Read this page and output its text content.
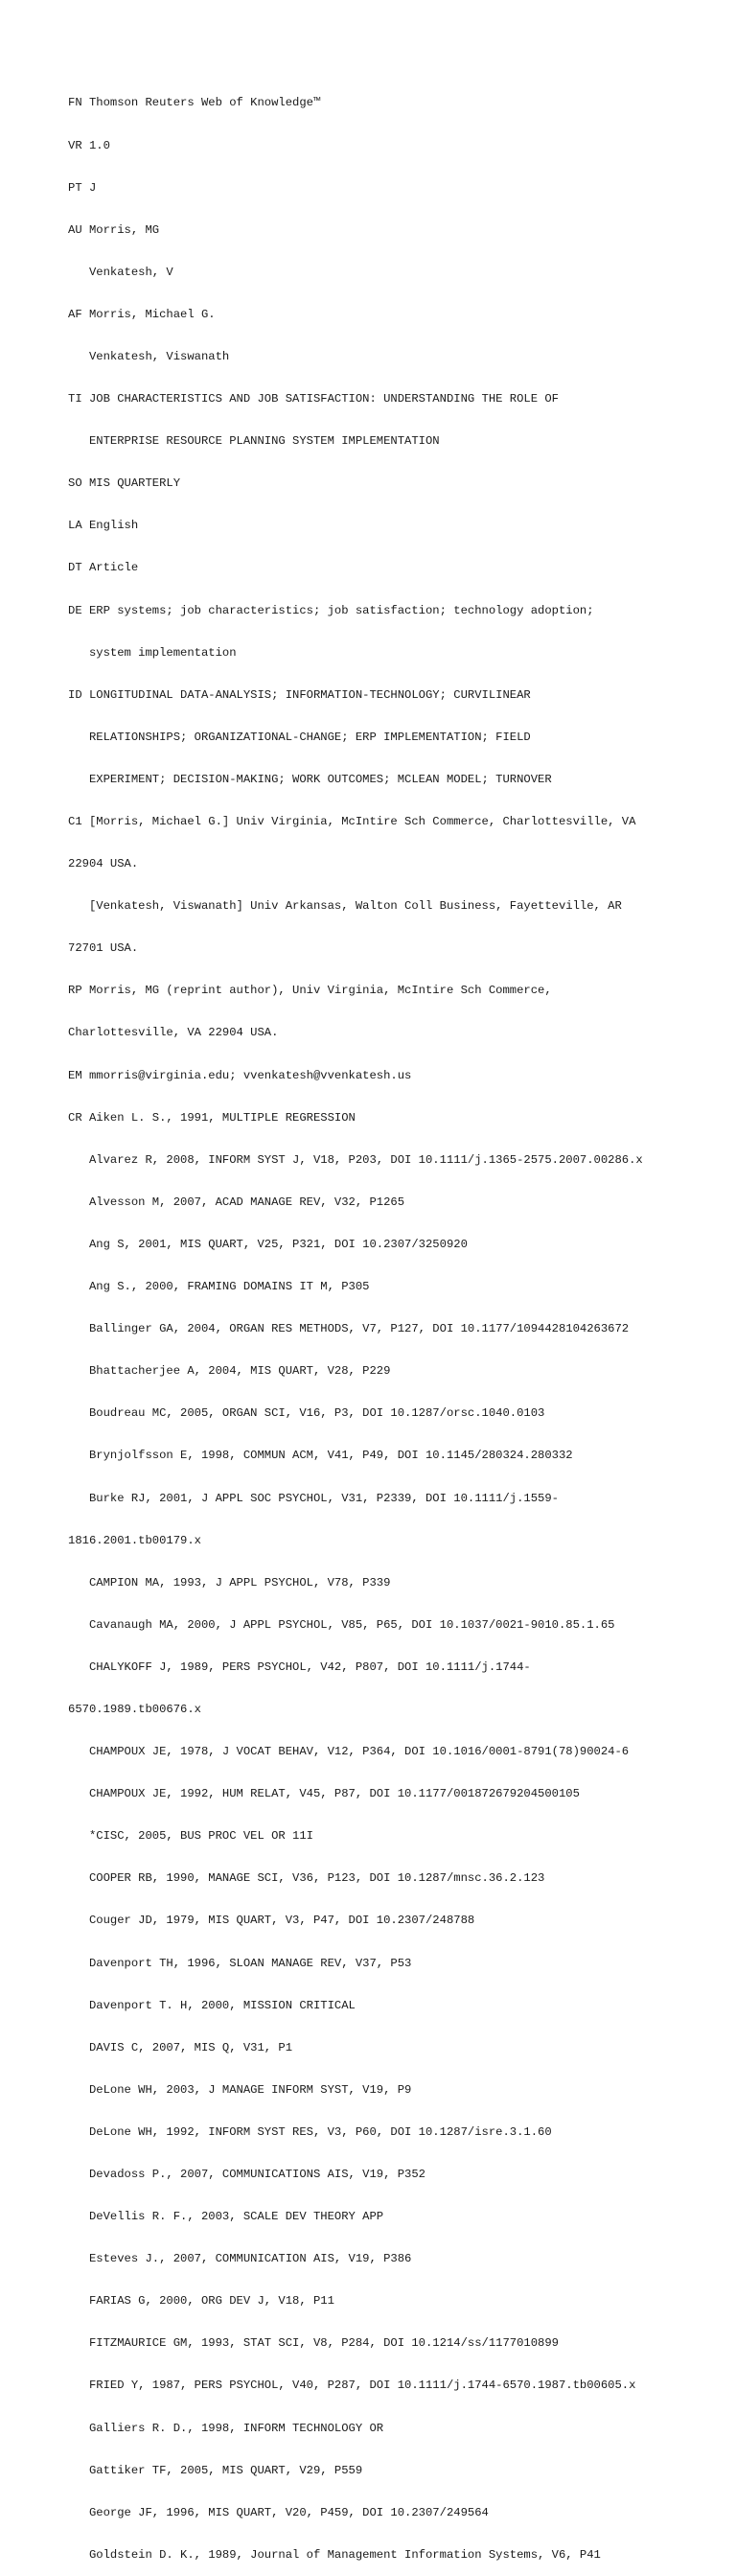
FN Thomson Reuters Web of Knowledge™

VR 1.0

PT J

AU Morris, MG

Venkatesh, V

AF Morris, Michael G.

Venkatesh, Viswanath

TI JOB CHARACTERISTICS AND JOB SATISFACTION: UNDERSTANDING THE ROLE OF

ENTERPRISE RESOURCE PLANNING SYSTEM IMPLEMENTATION

SO MIS QUARTERLY

LA English

DT Article

DE ERP systems; job characteristics; job satisfaction; technology adoption;

system implementation

ID LONGITUDINAL DATA-ANALYSIS; INFORMATION-TECHNOLOGY; CURVILINEAR

RELATIONSHIPS; ORGANIZATIONAL-CHANGE; ERP IMPLEMENTATION; FIELD

EXPERIMENT; DECISION-MAKING; WORK OUTCOMES; MCLEAN MODEL; TURNOVER

C1 [Morris, Michael G.] Univ Virginia, McIntire Sch Commerce, Charlottesville, VA

22904 USA.

[Venkatesh, Viswanath] Univ Arkansas, Walton Coll Business, Fayetteville, AR

72701 USA.

RP Morris, MG (reprint author), Univ Virginia, McIntire Sch Commerce,

Charlottesville, VA 22904 USA.

EM mmorris@virginia.edu; vvenkatesh@vvenkatesh.us

CR Aiken L. S., 1991, MULTIPLE REGRESSION

Alvarez R, 2008, INFORM SYST J, V18, P203, DOI 10.1111/j.1365-2575.2007.00286.x

Alvesson M, 2007, ACAD MANAGE REV, V32, P1265

Ang S, 2001, MIS QUART, V25, P321, DOI 10.2307/3250920

Ang S., 2000, FRAMING DOMAINS IT M, P305

Ballinger GA, 2004, ORGAN RES METHODS, V7, P127, DOI 10.1177/1094428104263672

Bhattacherjee A, 2004, MIS QUART, V28, P229

Boudreau MC, 2005, ORGAN SCI, V16, P3, DOI 10.1287/orsc.1040.0103

Brynjolfsson E, 1998, COMMUN ACM, V41, P49, DOI 10.1145/280324.280332

Burke RJ, 2001, J APPL SOC PSYCHOL, V31, P2339, DOI 10.1111/j.1559-

1816.2001.tb00179.x

CAMPION MA, 1993, J APPL PSYCHOL, V78, P339

Cavanaugh MA, 2000, J APPL PSYCHOL, V85, P65, DOI 10.1037/0021-9010.85.1.65

CHALYKOFF J, 1989, PERS PSYCHOL, V42, P807, DOI 10.1111/j.1744-

6570.1989.tb00676.x

CHAMPOUX JE, 1978, J VOCAT BEHAV, V12, P364, DOI 10.1016/0001-8791(78)90024-6

CHAMPOUX JE, 1992, HUM RELAT, V45, P87, DOI 10.1177/001872679204500105

*CISC, 2005, BUS PROC VEL OR 11I

COOPER RB, 1990, MANAGE SCI, V36, P123, DOI 10.1287/mnsc.36.2.123

Couger JD, 1979, MIS QUART, V3, P47, DOI 10.2307/248788

Davenport TH, 1996, SLOAN MANAGE REV, V37, P53

Davenport T. H, 2000, MISSION CRITICAL

DAVIS C, 2007, MIS Q, V31, P1

DeLone WH, 2003, J MANAGE INFORM SYST, V19, P9

DeLone WH, 1992, INFORM SYST RES, V3, P60, DOI 10.1287/isre.3.1.60

Devadoss P., 2007, COMMUNICATIONS AIS, V19, P352

DeVellis R. F., 2003, SCALE DEV THEORY APP

Esteves J., 2007, COMMUNICATION AIS, V19, P386

FARIAS G, 2000, ORG DEV J, V18, P11

FITZMAURICE GM, 1993, STAT SCI, V8, P284, DOI 10.1214/ss/1177010899

FRIED Y, 1987, PERS PSYCHOL, V40, P287, DOI 10.1111/j.1744-6570.1987.tb00605.x

Galliers R. D., 1998, INFORM TECHNOLOGY OR

Gattiker TF, 2005, MIS QUART, V29, P559

George JF, 1996, MIS QUART, V20, P459, DOI 10.2307/249564

Goldstein D. K., 1989, Journal of Management Information Systems, V6, P41
